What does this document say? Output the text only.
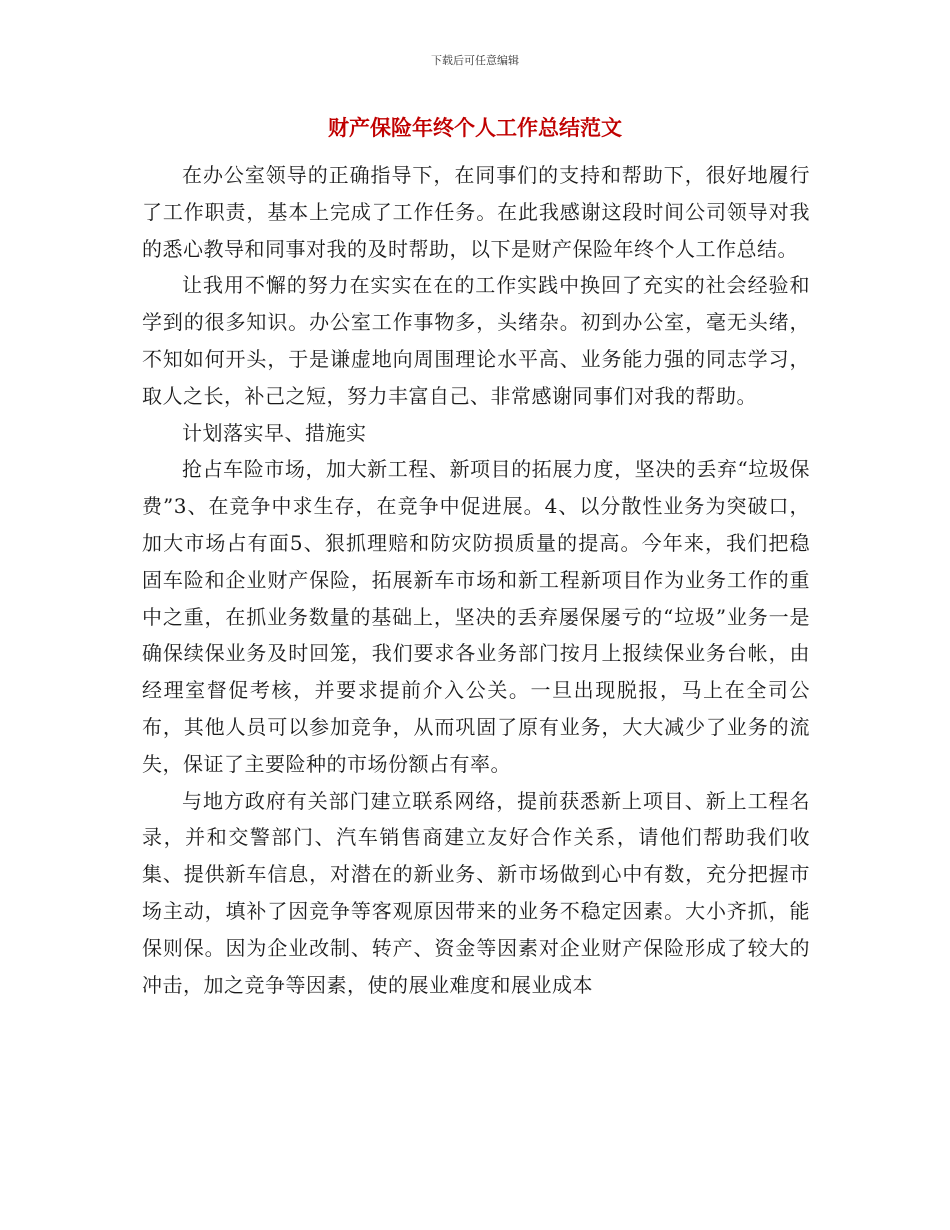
下载后可任意编辑
财产保险年终个人工作总结范文

在办公室领导的正确指导下，在同事们的支持和帮助下，很好地履行了工作职责，基本上完成了工作任务。在此我感谢这段时间公司领导对我的悉心教导和同事对我的及时帮助，以下是财产保险年终个人工作总结。

让我用不懈的努力在实实在在的工作实践中换回了充实的社会经验和学到的很多知识。办公室工作事物多，头绪杂。初到办公室，毫无头绪，不知如何开头，于是谦虚地向周围理论水平高、业务能力强的同志学习，取人之长，补己之短，努力丰富自己、非常感谢同事们对我的帮助。

计划落实早、措施实

抢占车险市场，加大新工程、新项目的拓展力度，坚决的丢弃“垃圾保费”3、在竞争中求生存，在竞争中促进展。4、以分散性业务为突破口，加大市场占有面5、狠抓理赔和防灾防损质量的提高。今年来，我们把稳固车险和企业财产保险，拓展新车市场和新工程新项目作为业务工作的重中之重，在抓业务数量的基础上，坚决的丢弃屡保屡亏的“垃圾”业务一是确保续保业务及时回笼，我们要求各业务部门按月上报续保业务台帐，由经理室督促考核，并要求提前介入公关。一旦出现脱报，马上在全司公布，其他人员可以参加竞争，从而巩固了原有业务，大大减少了业务的流失，保证了主要险种的市场份额占有率。

与地方政府有关部门建立联系网络，提前获悉新上项目、新上工程名录，并和交警部门、汽车销售商建立友好合作关系，请他们帮助我们收集、提供新车信息，对潜在的新业务、新市场做到心中有数，充分把握市场主动，填补了因竞争等客观原因带来的业务不稳定因素。大小齐抓，能保则保。因为企业改制、转产、资金等因素对企业财产保险形成了较大的冲击，加之竞争等因素，使的展业难度和展业成本
